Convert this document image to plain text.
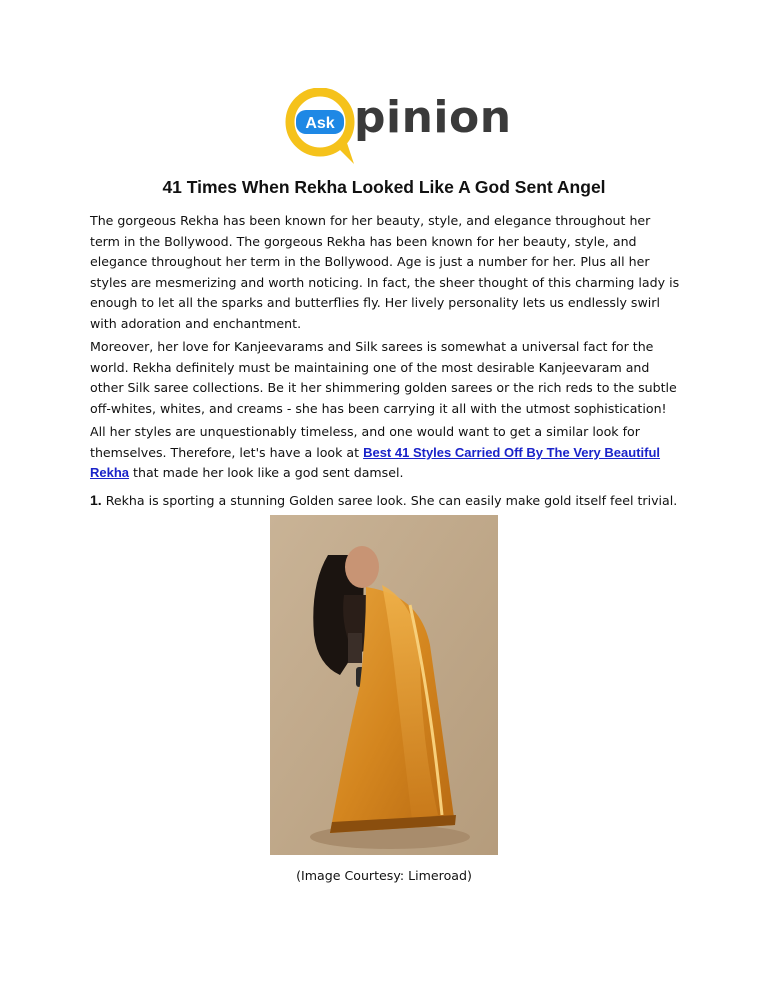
Ask pinion
41 Times When Rekha Looked Like A God Sent Angel

The gorgeous Rekha has been known for her beauty, style, and elegance throughout her term in the Bollywood. The gorgeous Rekha has been known for her beauty, style, and elegance throughout her term in the Bollywood. Age is just a number for her. Plus all her styles are mesmerizing and worth noticing. In fact, the sheer thought of this charming lady is enough to let all the sparks and butterflies fly. Her lively personality lets us endlessly swirl with adoration and enchantment.

Moreover, her love for Kanjeevarams and Silk sarees is somewhat a universal fact for the world. Rekha definitely must be maintaining one of the most desirable Kanjeevaram and other Silk saree collections. Be it her shimmering golden sarees or the rich reds to the subtle off-whites, whites, and creams - she has been carrying it all with the utmost sophistication!

All her styles are unquestionably timeless, and one would want to get a similar look for themselves. Therefore, let's have a look at Best 41 Styles Carried Off By The Very Beautiful Rekha that made her look like a god sent damsel.

1. Rekha is sporting a stunning Golden saree look. She can easily make gold itself feel trivial.

(Image Courtesy: Limeroad)
